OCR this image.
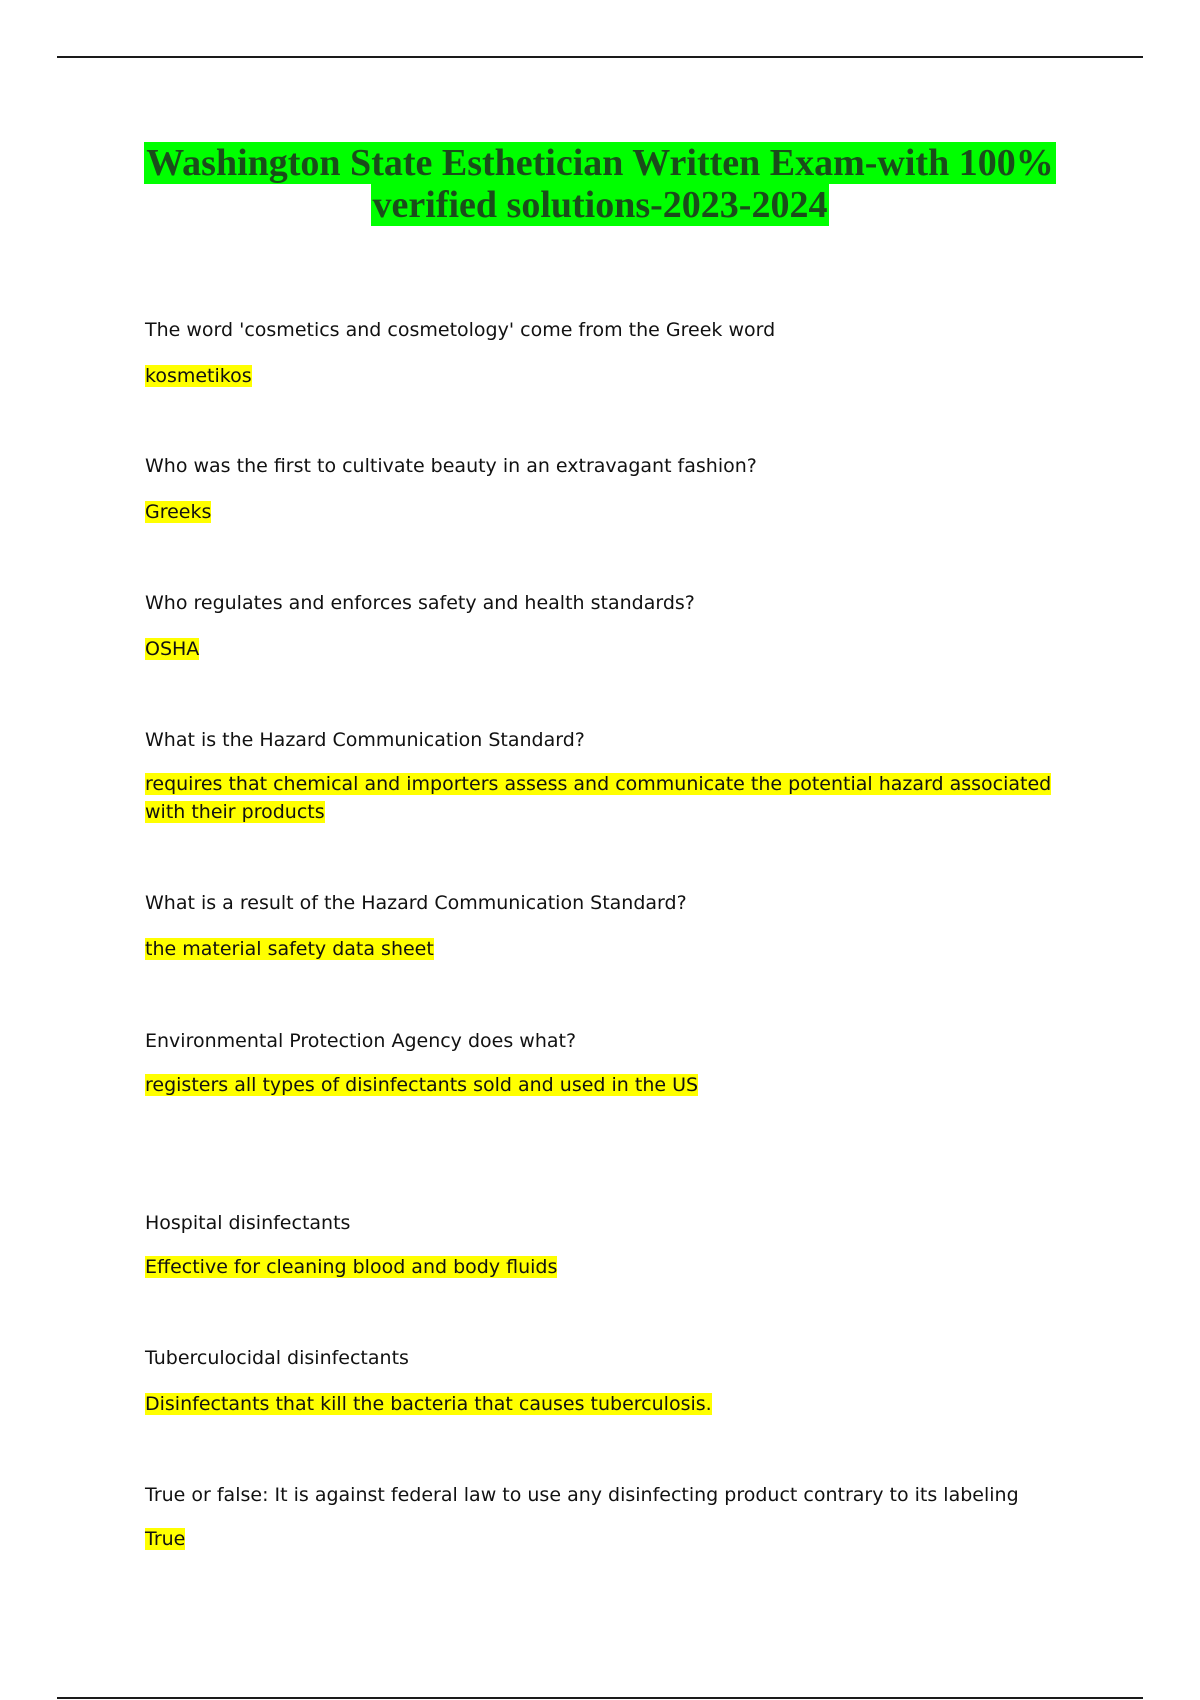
Washington State Esthetician Written Exam-with 100% verified solutions-2023-2024

The word 'cosmetics and cosmetology' come from the Greek word

kosmetikos

Who was the first to cultivate beauty in an extravagant fashion?

Greeks

Who regulates and enforces safety and health standards?

OSHA

What is the Hazard Communication Standard?

requires that chemical and importers assess and communicate the potential hazard associated with their products

What is a result of the Hazard Communication Standard?

the material safety data sheet

Environmental Protection Agency does what?

registers all types of disinfectants sold and used in the US

Hospital disinfectants

Effective for cleaning blood and body fluids

Tuberculocidal disinfectants

Disinfectants that kill the bacteria that causes tuberculosis.

True or false: It is against federal law to use any disinfecting product contrary to its labeling

True
